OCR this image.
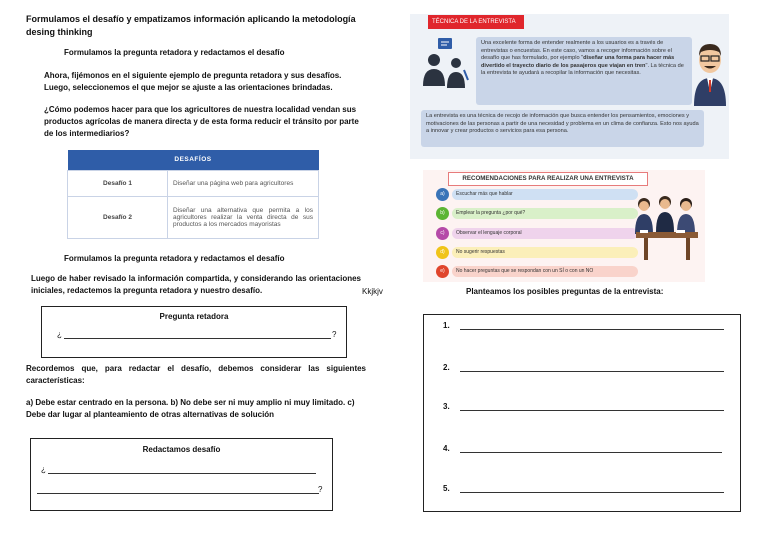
Formulamos el desafío y empatizamos información aplicando la metodología desing thinking
Formulamos la pregunta retadora y redactamos el desafío
Ahora, fijémonos en el siguiente ejemplo de pregunta retadora y sus desafíos. Luego, seleccionemos el que mejor se ajuste a las orientaciones brindadas.
¿Cómo podemos hacer para que los agricultores de nuestra localidad vendan sus productos agrícolas de manera directa y de esta forma reducir el tránsito por parte de los intermediarios?
DESAFÍOS	
Desafío 1	Diseñar una página web para agricultores
Desafío 2	Diseñar una alternativa que permita a los agricultores realizar la venta directa de sus productos a los mercados mayoristas
Formulamos la pregunta retadora y redactamos el desafío
Luego de haber revisado la información compartida, y considerando las orientaciones iniciales, redactemos la pregunta retadora y nuestro desafío.	Kkjkjv
Pregunta retadora
¿	?
Recordemos que, para redactar el desafío, debemos considerar las siguientes características:
a) Debe estar centrado en la persona. b) No debe ser ni muy amplio ni muy limitado. c) Debe dar lugar al planteamiento de otras alternativas de solución
Redactamos desafío
¿
?
TÉCNICA DE LA ENTREVISTA
Una excelente forma de entender realmente a los usuarios es a través de entrevistas o encuestas. En este caso, vamos a recoger información sobre el desafío que has formulado, por ejemplo "diseñar una forma para hacer más divertido el trayecto diario de los pasajeros que viajan en tren". La técnica de la entrevista te ayudará a recopilar la información que necesitas.
La entrevista es una técnica de recojo de información que busca entender los pensamientos, emociones y motivaciones de las personas a partir de una necesidad y problema en un clima de confianza. Esto nos ayuda a innovar y crear productos o servicios para esa persona.
RECOMENDACIONES PARA REALIZAR UNA ENTREVISTA
a)	Escuchar más que hablar
b)	Emplear la pregunta ¿por qué?
c)	Observar el lenguaje corporal
d)	No sugerir respuestas
e)	No hacer preguntas que se respondan con un SÍ o con un NO
Planteamos los posibles preguntas de la entrevista:
1.
2.
3.
4.
5.
